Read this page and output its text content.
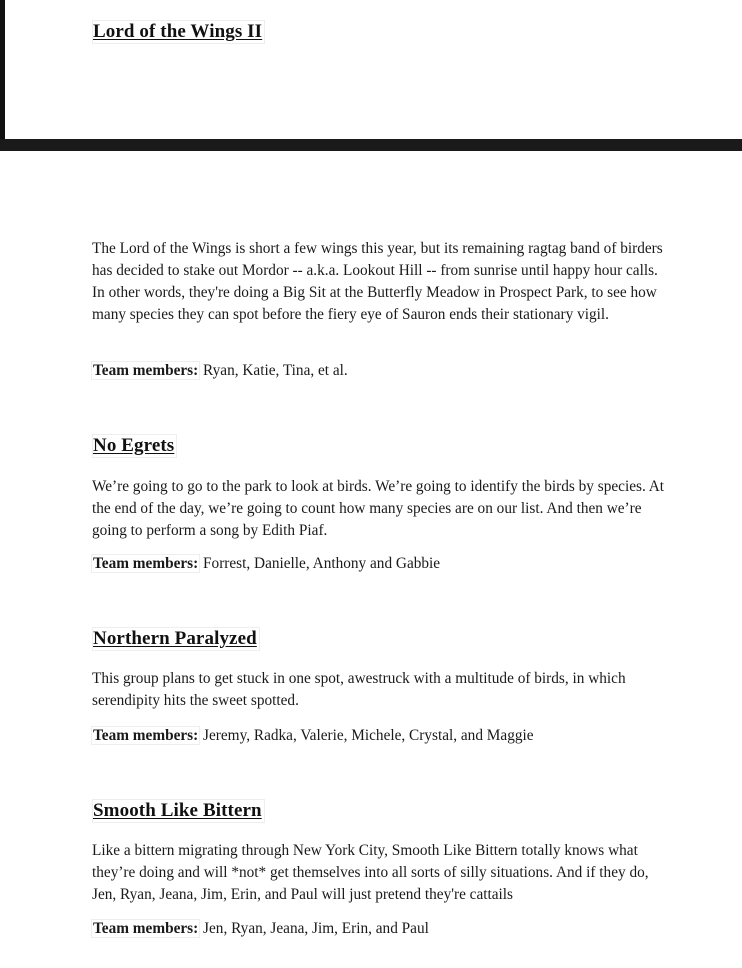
Lord of the Wings II

The Lord of the Wings is short a few wings this year, but its remaining ragtag band of birders has decided to stake out Mordor -- a.k.a. Lookout Hill -- from sunrise until happy hour calls. In other words, they're doing a Big Sit at the Butterfly Meadow in Prospect Park, to see how many species they can spot before the fiery eye of Sauron ends their stationary vigil.

Team members: Ryan, Katie, Tina, et al.

No Egrets

We’re going to go to the park to look at birds. We’re going to identify the birds by species. At the end of the day, we’re going to count how many species are on our list. And then we’re going to perform a song by Edith Piaf.

Team members: Forrest, Danielle, Anthony and Gabbie

Northern Paralyzed

This group plans to get stuck in one spot, awestruck with a multitude of birds, in which serendipity hits the sweet spotted.

Team members: Jeremy, Radka, Valerie, Michele, Crystal, and Maggie

Smooth Like Bittern

Like a bittern migrating through New York City, Smooth Like Bittern totally knows what they’re doing and will *not* get themselves into all sorts of silly situations. And if they do, Jen, Ryan, Jeana, Jim, Erin, and Paul will just pretend they're cattails

Team members: Jen, Ryan, Jeana, Jim, Erin, and Paul
